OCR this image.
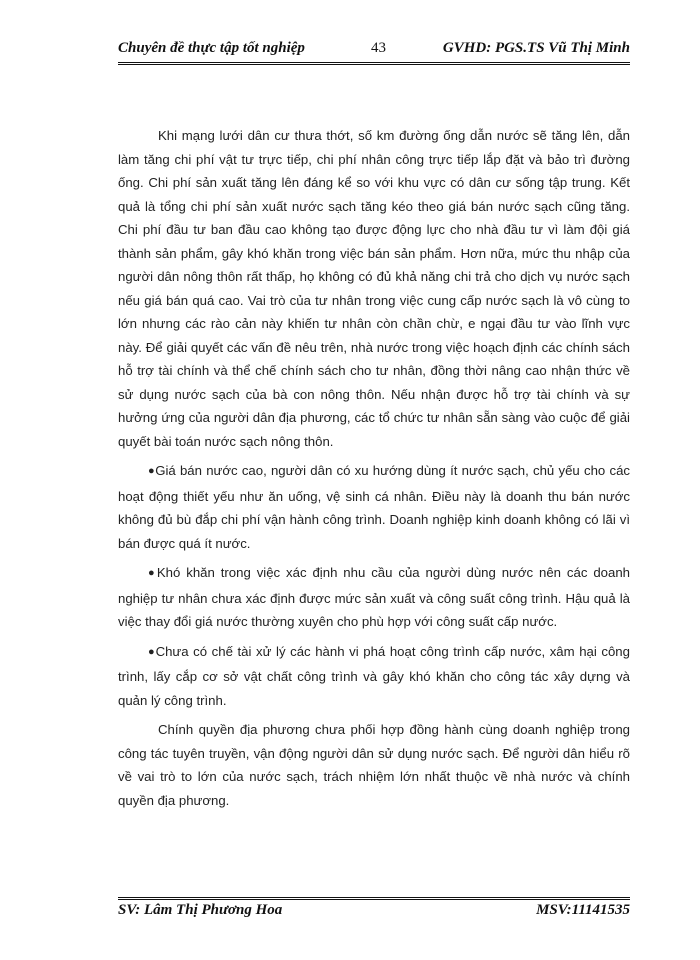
Chuyên đề thực tập tốt nghiệp	43	GVHD: PGS.TS Vũ Thị Minh

Khi mạng lưới dân cư thưa thớt, số km đường ống dẫn nước sẽ tăng lên, dẫn làm tăng chi phí vật tư trực tiếp, chi phí nhân công trực tiếp lắp đặt và bảo trì đường ống. Chi phí sản xuất tăng lên đáng kể so với khu vực có dân cư sống tập trung. Kết quả là tổng chi phí sản xuất nước sạch tăng kéo theo giá bán nước sạch cũng tăng. Chi phí đầu tư ban đầu cao không tạo được động lực cho nhà đầu tư vì làm đội giá thành sản phẩm, gây khó khăn trong việc bán sản phẩm. Hơn nữa, mức thu nhập của người dân nông thôn rất thấp, họ không có đủ khả năng chi trả cho dịch vụ nước sạch nếu giá bán quá cao. Vai trò của tư nhân trong việc cung cấp nước sạch là vô cùng to lớn nhưng các rào cản này khiến tư nhân còn chần chừ, e ngại đầu tư vào lĩnh vực này. Để giải quyết các vấn đề nêu trên, nhà nước trong việc hoạch định các chính sách hỗ trợ tài chính và thể chế chính sách cho tư nhân, đồng thời nâng cao nhận thức về sử dụng nước sạch của bà con nông thôn. Nếu nhận được hỗ trợ tài chính và sự hưởng ứng của người dân địa phương, các tổ chức tư nhân sẵn sàng vào cuộc để giải quyết bài toán nước sạch nông thôn.

●Giá bán nước cao, người dân có xu hướng dùng ít nước sạch, chủ yếu cho các hoạt động thiết yếu như ăn uống, vệ sinh cá nhân. Điều này là doanh thu bán nước không đủ bù đắp chi phí vận hành công trình. Doanh nghiệp kinh doanh không có lãi vì bán được quá ít nước.

●Khó khăn trong việc xác định nhu cầu của người dùng nước nên các doanh nghiệp tư nhân chưa xác định được mức sản xuất và công suất công trình. Hậu quả là việc thay đổi giá nước thường xuyên cho phù hợp với công suất cấp nước.

●Chưa có chế tài xử lý các hành vi phá hoạt công trình cấp nước, xâm hại công trình, lấy cắp cơ sở vật chất công trình và gây khó khăn cho công tác xây dựng và quản lý công trình.

Chính quyền địa phương chưa phối hợp đồng hành cùng doanh nghiệp trong công tác tuyên truyền, vận động người dân sử dụng nước sạch. Để người dân hiểu rõ về vai trò to lớn của nước sạch, trách nhiệm lớn nhất thuộc về nhà nước và chính quyền địa phương.

SV: Lâm Thị Phương Hoa	MSV:11141535
